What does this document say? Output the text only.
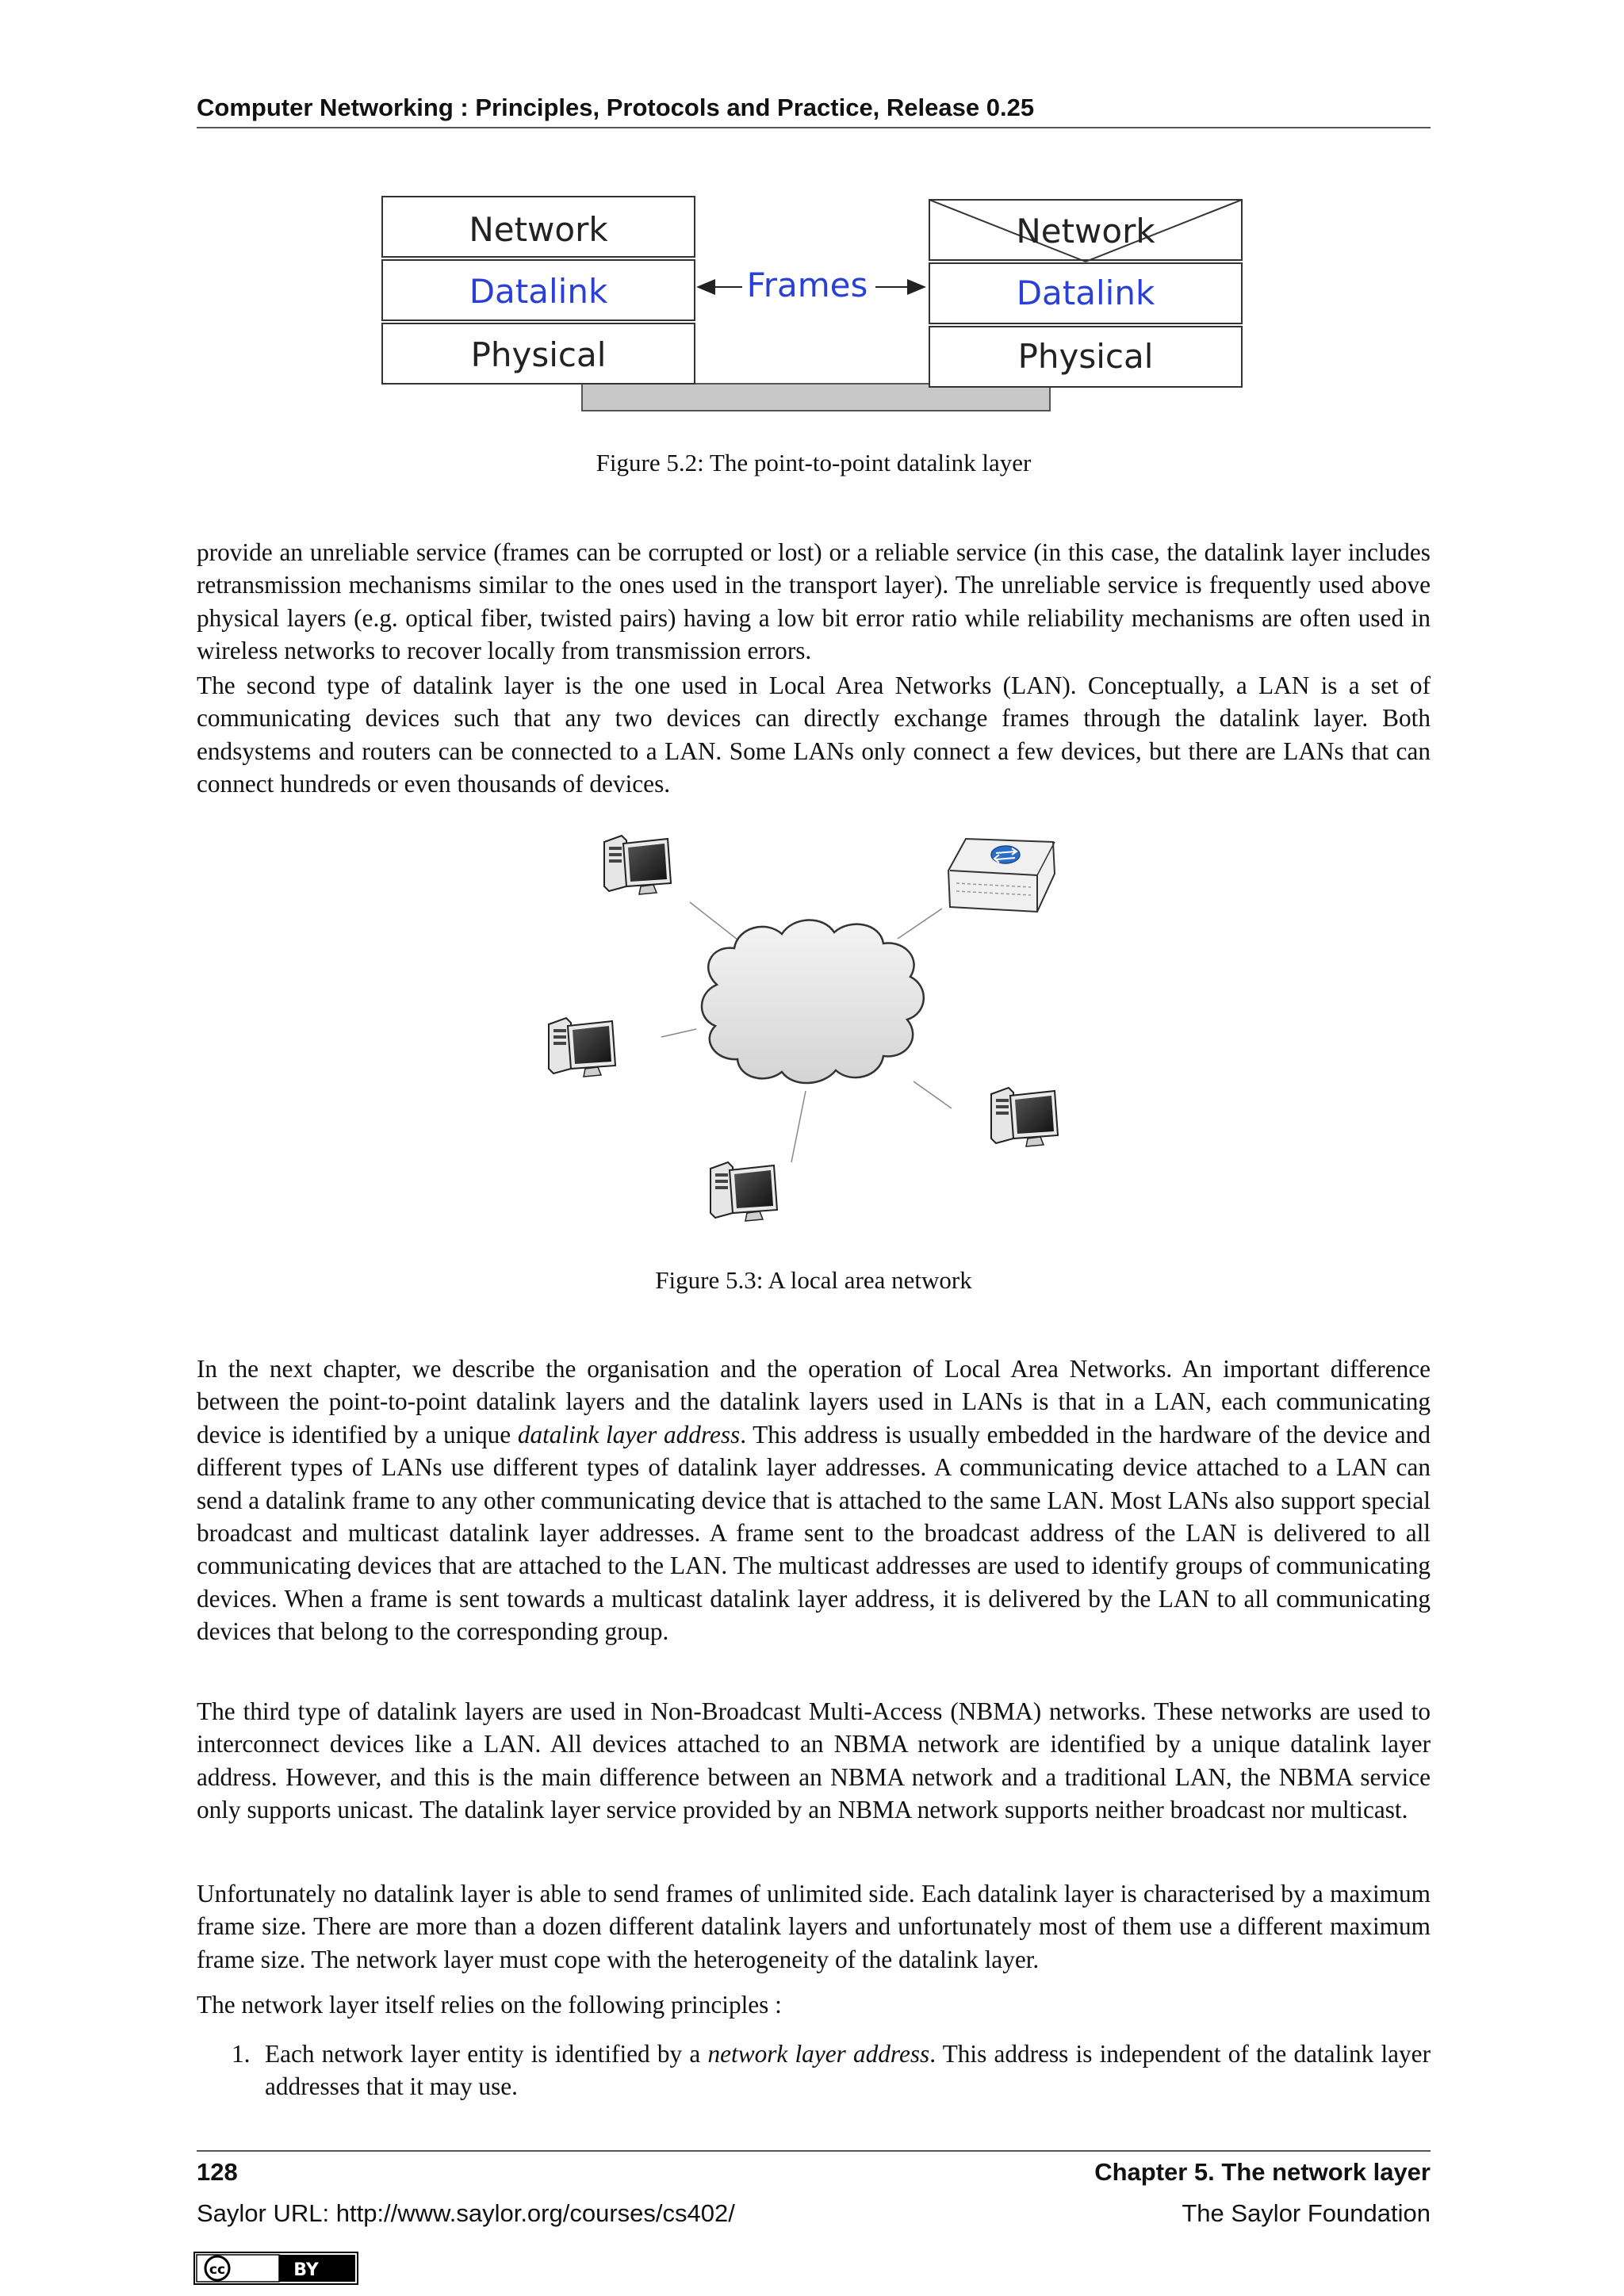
Computer Networking : Principles, Protocols and Practice, Release 0.25
Network
Datalink
Physical
Network
Datalink
Physical
Frames
Figure 5.2: The point-to-point datalink layer

provide an unreliable service (frames can be corrupted or lost) or a reliable service (in this case, the datalink layer includes retransmission mechanisms similar to the ones used in the transport layer). The unreliable service is frequently used above physical layers (e.g. optical fiber, twisted pairs) having a low bit error ratio while reliability mechanisms are often used in wireless networks to recover locally from transmission errors.

The second type of datalink layer is the one used in Local Area Networks (LAN). Conceptually, a LAN is a set of communicating devices such that any two devices can directly exchange frames through the datalink layer. Both endsystems and routers can be connected to a LAN. Some LANs only connect a few devices, but there are LANs that can connect hundreds or even thousands of devices.

Figure 5.3: A local area network

In the next chapter, we describe the organisation and the operation of Local Area Networks. An important difference between the point-to-point datalink layers and the datalink layers used in LANs is that in a LAN, each communicating device is identified by a unique datalink layer address. This address is usually embedded in the hardware of the device and different types of LANs use different types of datalink layer addresses. A communicating device attached to a LAN can send a datalink frame to any other communicating device that is attached to the same LAN. Most LANs also support special broadcast and multicast datalink layer addresses. A frame sent to the broadcast address of the LAN is delivered to all communicating devices that are attached to the LAN. The multicast addresses are used to identify groups of communicating devices. When a frame is sent towards a multicast datalink layer address, it is delivered by the LAN to all communicating devices that belong to the corresponding group.

The third type of datalink layers are used in Non-Broadcast Multi-Access (NBMA) networks. These networks are used to interconnect devices like a LAN. All devices attached to an NBMA network are identified by a unique datalink layer address. However, and this is the main difference between an NBMA network and a traditional LAN, the NBMA service only supports unicast. The datalink layer service provided by an NBMA network supports neither broadcast nor multicast.

Unfortunately no datalink layer is able to send frames of unlimited side. Each datalink layer is characterised by a maximum frame size. There are more than a dozen different datalink layers and unfortunately most of them use a different maximum frame size. The network layer must cope with the heterogeneity of the datalink layer.

The network layer itself relies on the following principles :

1. Each network layer entity is identified by a network layer address. This address is independent of the datalink layer addresses that it may use.
128	Chapter 5. The network layer
Saylor URL: http://www.saylor.org/courses/cs402/	The Saylor Foundation
cc	BY
